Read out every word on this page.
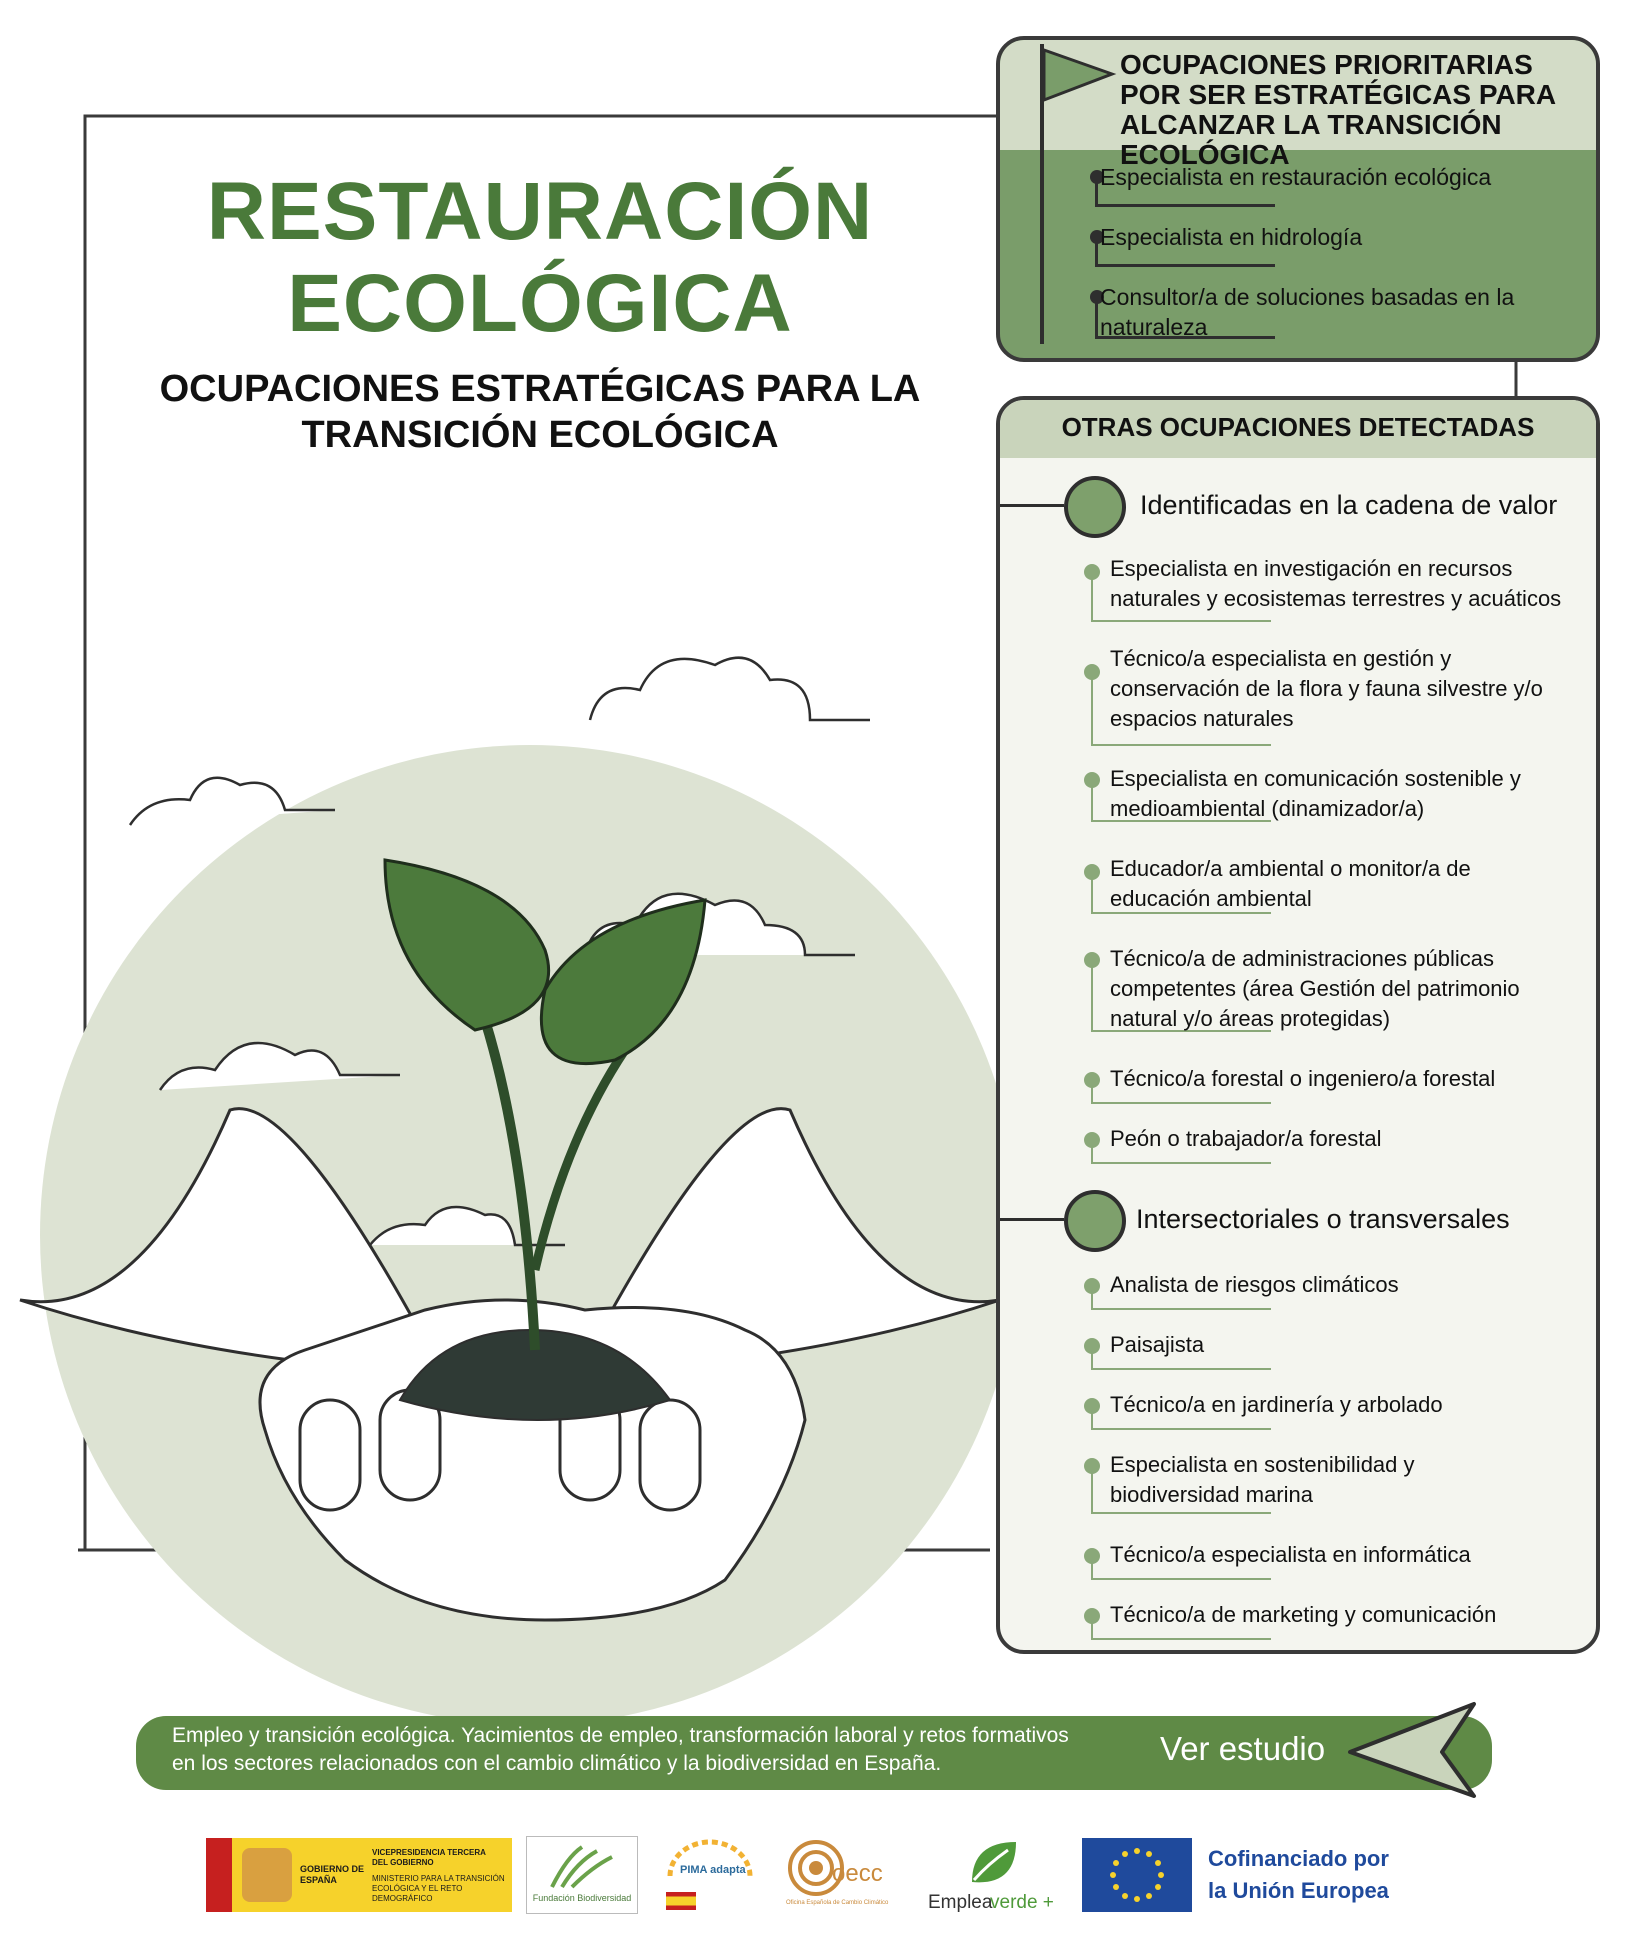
RESTAURACIÓN
ECOLÓGICA
OCUPACIONES ESTRATÉGICAS PARA LA
TRANSICIÓN ECOLÓGICA
OCUPACIONES PRIORITARIAS POR SER ESTRATÉGICAS PARA ALCANZAR LA TRANSICIÓN ECOLÓGICA
Especialista en restauración ecológica
Especialista en hidrología
Consultor/a de soluciones basadas en la naturaleza
OTRAS OCUPACIONES DETECTADAS
Identificadas en la cadena de valor
Especialista en investigación en recursos naturales y ecosistemas terrestres y acuáticos
Técnico/a especialista en gestión y conservación de la flora y fauna silvestre y/o espacios naturales
Especialista en comunicación sostenible y medioambiental (dinamizador/a)
Educador/a ambiental o monitor/a de educación ambiental
Técnico/a de administraciones públicas competentes (área Gestión del patrimonio natural y/o áreas protegidas)
Técnico/a forestal o ingeniero/a forestal
Peón o trabajador/a forestal
Intersectoriales o transversales
Analista de riesgos climáticos
Paisajista
Técnico/a en jardinería y arbolado
Especialista en sostenibilidad y biodiversidad marina
Técnico/a especialista en informática
Técnico/a de marketing y comunicación
Empleo y transición ecológica. Yacimientos de empleo, transformación laboral y retos formativos en los sectores relacionados con el cambio climático y la biodiversidad en España.	Ver estudio
GOBIERNO DE ESPAÑA
VICEPRESIDENCIA TERCERA DEL GOBIERNO
MINISTERIO PARA LA TRANSICIÓN ECOLÓGICA Y EL RETO DEMOGRÁFICO	Fundación Biodiversidad
PIMA adapta	oecc
Oficina Española de Cambio Climático	Emplea
verde +
Cofinanciado por
la Unión Europea
